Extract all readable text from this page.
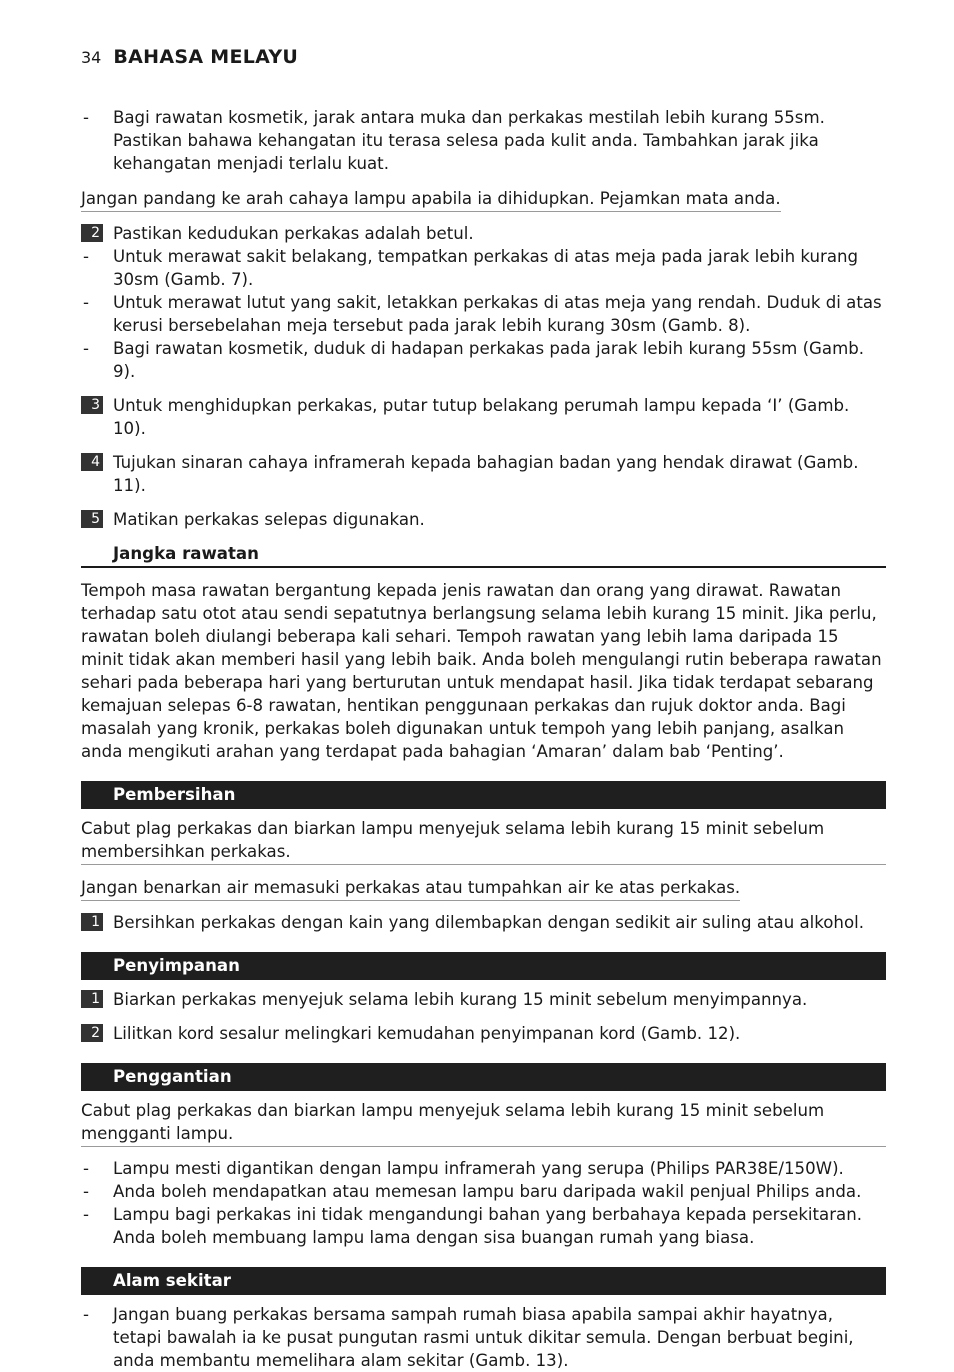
34 BAHASA MELAYU
- Bagi rawatan kosmetik, jarak antara muka dan perkakas mestilah lebih kurang 55sm. Pastikan bahawa kehangatan itu terasa selesa pada kulit anda. Tambahkan jarak jika kehangatan menjadi terlalu kuat.
Jangan pandang ke arah cahaya lampu apabila ia dihidupkan. Pejamkan mata anda.
2 Pastikan kedudukan perkakas adalah betul.
- Untuk merawat sakit belakang, tempatkan perkakas di atas meja pada jarak lebih kurang 30sm (Gamb. 7).
- Untuk merawat lutut yang sakit, letakkan perkakas di atas meja yang rendah. Duduk di atas kerusi bersebelahan meja tersebut pada jarak lebih kurang 30sm (Gamb. 8).
- Bagi rawatan kosmetik, duduk di hadapan perkakas pada jarak lebih kurang 55sm (Gamb. 9).
3 Untuk menghidupkan perkakas, putar tutup belakang perumah lampu kepada ‘I’ (Gamb. 10).
4 Tujukan sinaran cahaya inframerah kepada bahagian badan yang hendak dirawat (Gamb. 11).
5 Matikan perkakas selepas digunakan.
Jangka rawatan

Tempoh masa rawatan bergantung kepada jenis rawatan dan orang yang dirawat. Rawatan terhadap satu otot atau sendi sepatutnya berlangsung selama lebih kurang 15 minit. Jika perlu, rawatan boleh diulangi beberapa kali sehari. Tempoh rawatan yang lebih lama daripada 15 minit tidak akan memberi hasil yang lebih baik. Anda boleh mengulangi rutin beberapa rawatan sehari pada beberapa hari yang berturutan untuk mendapat hasil. Jika tidak terdapat sebarang kemajuan selepas 6-8 rawatan, hentikan penggunaan perkakas dan rujuk doktor anda. Bagi masalah yang kronik, perkakas boleh digunakan untuk tempoh yang lebih panjang, asalkan anda mengikuti arahan yang terdapat pada bahagian ‘Amaran’ dalam bab ‘Penting’.

Pembersihan
Cabut plag perkakas dan biarkan lampu menyejuk selama lebih kurang 15 minit sebelum membersihkan perkakas.
Jangan benarkan air memasuki perkakas atau tumpahkan air ke atas perkakas.
1 Bersihkan perkakas dengan kain yang dilembapkan dengan sedikit air suling atau alkohol.
Penyimpanan
1 Biarkan perkakas menyejuk selama lebih kurang 15 minit sebelum menyimpannya.
2 Lilitkan kord sesalur melingkari kemudahan penyimpanan kord (Gamb. 12).
Penggantian
Cabut plag perkakas dan biarkan lampu menyejuk selama lebih kurang 15 minit sebelum mengganti lampu.
- Lampu mesti digantikan dengan lampu inframerah yang serupa (Philips PAR38E/150W).
- Anda boleh mendapatkan atau memesan lampu baru daripada wakil penjual Philips anda.
- Lampu bagi perkakas ini tidak mengandungi bahan yang berbahaya kepada persekitaran. Anda boleh membuang lampu lama dengan sisa buangan rumah yang biasa.
Alam sekitar
- Jangan buang perkakas bersama sampah rumah biasa apabila sampai akhir hayatnya, tetapi bawalah ia ke pusat pungutan rasmi untuk dikitar semula. Dengan berbuat begini, anda membantu memelihara alam sekitar (Gamb. 13).
